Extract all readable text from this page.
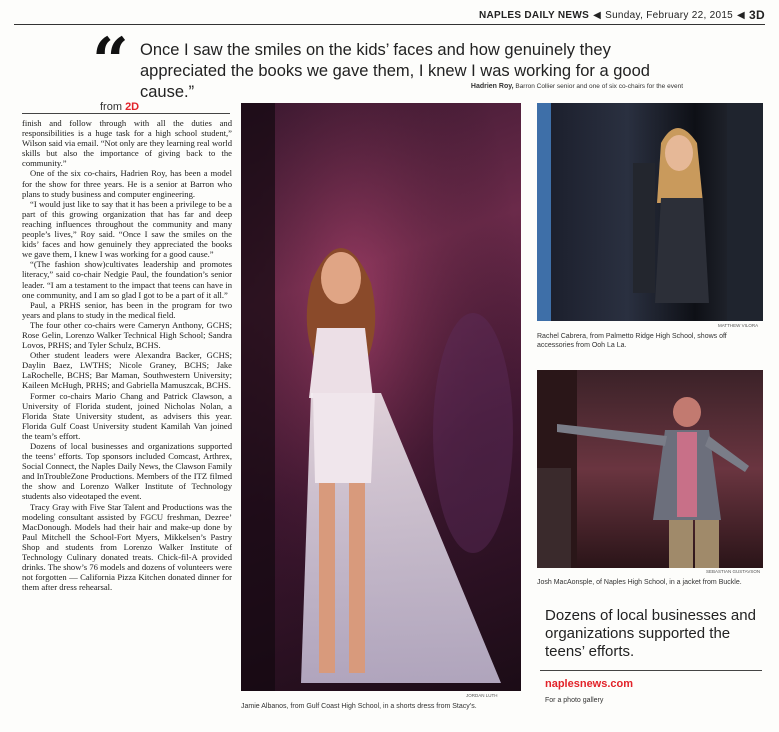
NAPLES DAILY NEWS ◀ Sunday, February 22, 2015 ◀ 3D
“ Once I saw the smiles on the kids’ faces and how genuinely they appreciated the books we gave them, I knew I was working for a good cause.”	Hadrien Roy, Barron Collier senior and one of six co-chairs for the event
from 2D

finish and follow through with all the duties and responsibilities is a huge task for a high school student,” Wilson said via email. “Not only are they learning real world skills but also the importance of giving back to the community.”

One of the six co-chairs, Hadrien Roy, has been a model for the show for three years. He is a senior at Barron who plans to study business and computer engineering.

“I would just like to say that it has been a privilege to be a part of this growing organization that has far and deep reaching influences throughout the community and many people’s lives,” Roy said. “Once I saw the smiles on the kids’ faces and how genuinely they appreciated the books we gave them, I knew I was working for a good cause.”

“(The fashion show)cultivates leadership and promotes literacy,” said co-chair Nedgie Paul, the foundation’s senior leader. “I am a testament to the impact that teens can have in one community, and I am so glad I got to be a part of it all.”

Paul, a PRHS senior, has been in the program for two years and plans to study in the medical field.

The four other co-chairs were Cameryn Anthony, GCHS; Rose Gelin, Lorenzo Walker Technical High School; Sandra Lovos, PRHS; and Tyler Schulz, BCHS.

Other student leaders were Alexandra Backer, GCHS; Daylin Baez, LWTHS; Nicole Graney, BCHS; Jake LaRochelle, BCHS; Bar Maman, Southwestern University; Kaileen McHugh, PRHS; and Gabriella Mamuszcak, BCHS.

Former co-chairs Mario Chang and Patrick Clawson, a University of Florida student, joined Nicholas Nolan, a Florida State University student, as advisers this year. Florida Gulf Coast University student Kamilah Van joined the team’s effort.

Dozens of local businesses and organizations supported the teens’ efforts. Top sponsors included Comcast, Arthrex, Social Connect, the Naples Daily News, the Clawson Family and InTroubleZone Productions. Members of the ITZ filmed the show and Lorenzo Walker Institute of Technology students also videotaped the event.

Tracy Gray with Five Star Talent and Productions was the modeling consultant assisted by FGCU freshman, Dezree’ MacDonough. Models had their hair and make-up done by Paul Mitchell the School-Fort Myers, Mikkelsen’s Pastry Shop and students from Lorenzo Walker Institute of Technology Culinary donated treats. Chick-fil-A provided drinks. The show’s 76 models and dozens of volunteers were not forgotten — California Pizza Kitchen donated dinner for them after dress rehearsal.

JORDAN LUTH
Jamie Albanos, from Gulf Coast High School, in a shorts dress from Stacy’s.
MATTHEW VILORA
Rachel Cabrera, from Palmetto Ridge High School, shows off accessories from Ooh La La.
SEBASTIAN GUSTAVSON
Josh MacAonsple, of Naples High School, in a jacket from Buckle.
Dozens of local businesses and organizations supported the teens’ efforts.
naplesnews.com
For a photo gallery
